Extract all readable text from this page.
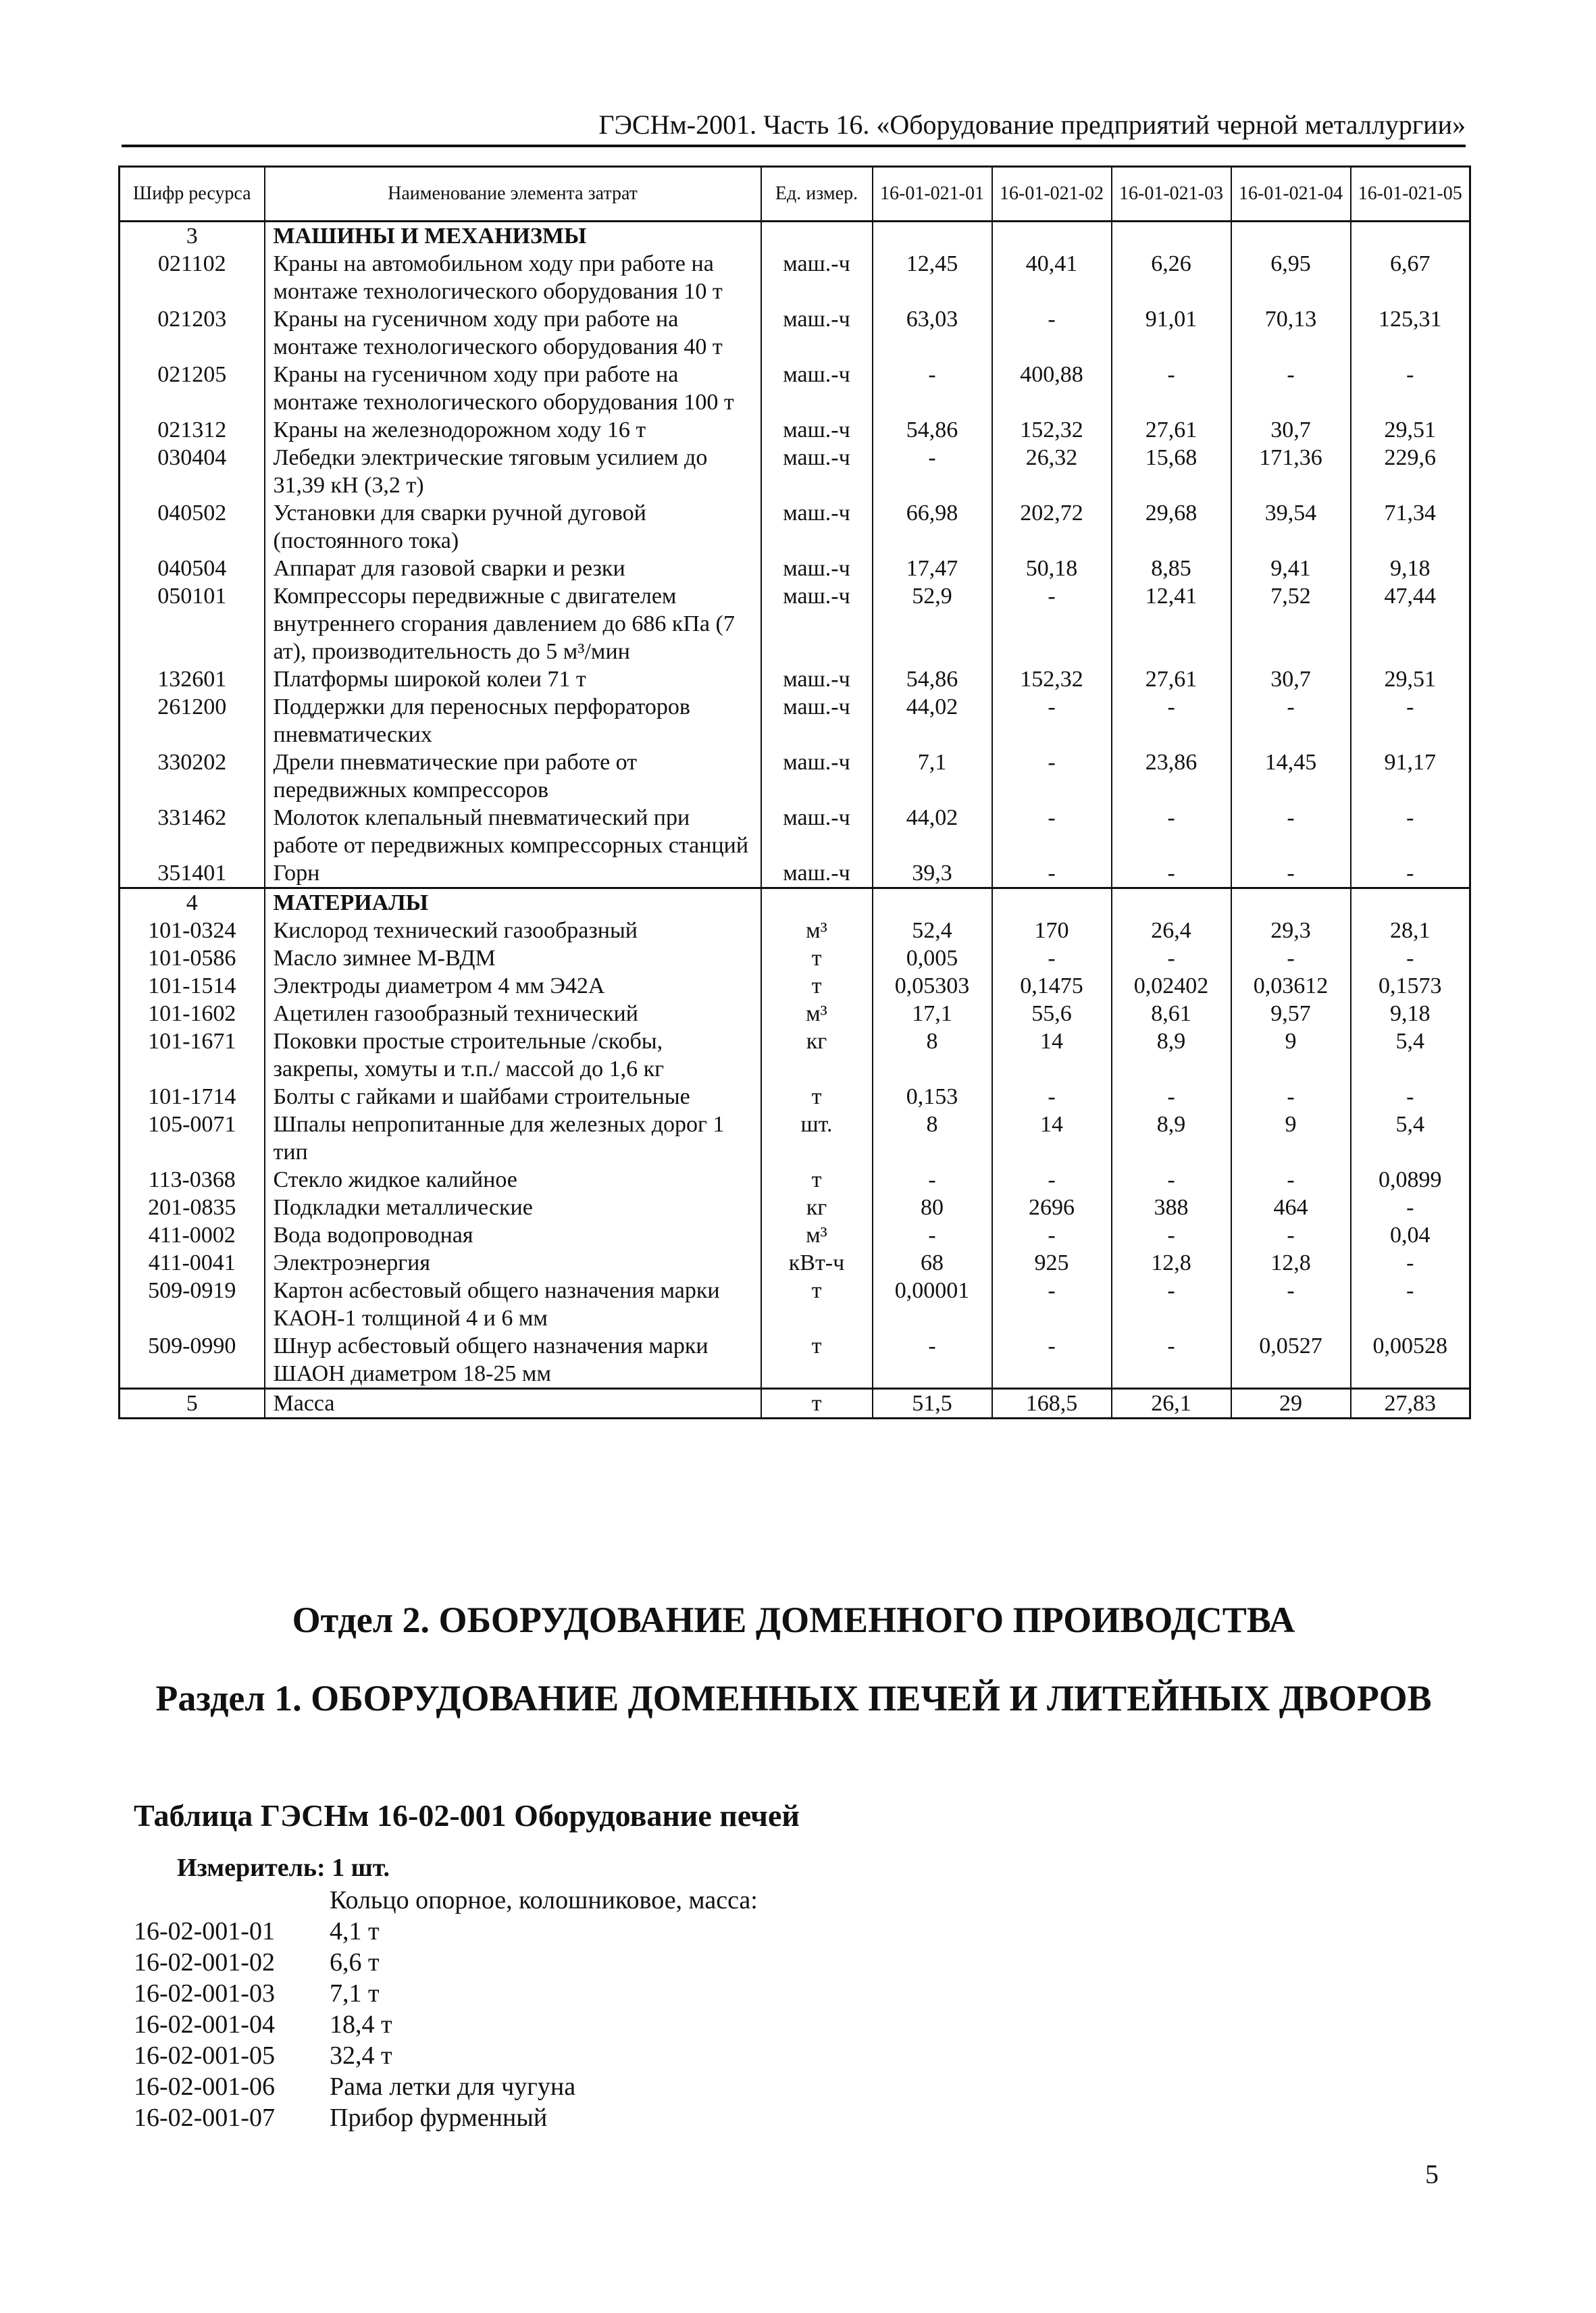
ГЭСНм-2001. Часть 16. «Оборудование предприятий черной металлургии»
Шифр ресурса	Наименование элемента затрат	Ед. измер.	16-01-021-01	16-01-021-02	16-01-021-03	16-01-021-04	16-01-021-05
3	МАШИНЫ И МЕХАНИЗМЫ						
021102	Краны на автомобильном ходу при работе на монтаже технологического оборудования 10 т	маш.-ч	12,45	40,41	6,26	6,95	6,67
021203	Краны на гусеничном ходу при работе на монтаже технологического оборудования 40 т	маш.-ч	63,03	-	91,01	70,13	125,31
021205	Краны на гусеничном ходу при работе на монтаже технологического оборудования 100 т	маш.-ч	-	400,88	-	-	-
021312	Краны на железнодорожном ходу 16 т	маш.-ч	54,86	152,32	27,61	30,7	29,51
030404	Лебедки электрические тяговым усилием до 31,39 кН (3,2 т)	маш.-ч	-	26,32	15,68	171,36	229,6
040502	Установки для сварки ручной дуговой (постоянного тока)	маш.-ч	66,98	202,72	29,68	39,54	71,34
040504	Аппарат для газовой сварки и резки	маш.-ч	17,47	50,18	8,85	9,41	9,18
050101	Компрессоры передвижные с двигателем внутреннего сгорания давлением до 686 кПа (7 ат), производительность до 5 м³/мин	маш.-ч	52,9	-	12,41	7,52	47,44
132601	Платформы широкой колеи 71 т	маш.-ч	54,86	152,32	27,61	30,7	29,51
261200	Поддержки для переносных перфораторов пневматических	маш.-ч	44,02	-	-	-	-
330202	Дрели пневматические при работе от передвижных компрессоров	маш.-ч	7,1	-	23,86	14,45	91,17
331462	Молоток клепальный пневматический при работе от передвижных компрессорных станций	маш.-ч	44,02	-	-	-	-
351401	Горн	маш.-ч	39,3	-	-	-	-
4	МАТЕРИАЛЫ						
101-0324	Кислород технический газообразный	м³	52,4	170	26,4	29,3	28,1
101-0586	Масло зимнее М-ВДМ	т	0,005	-	-	-	-
101-1514	Электроды диаметром 4 мм Э42А	т	0,05303	0,1475	0,02402	0,03612	0,1573
101-1602	Ацетилен газообразный технический	м³	17,1	55,6	8,61	9,57	9,18
101-1671	Поковки простые строительные /скобы, закрепы, хомуты и т.п./ массой до 1,6 кг	кг	8	14	8,9	9	5,4
101-1714	Болты с гайками и шайбами строительные	т	0,153	-	-	-	-
105-0071	Шпалы непропитанные для железных дорог 1 тип	шт.	8	14	8,9	9	5,4
113-0368	Стекло жидкое калийное	т	-	-	-	-	0,0899
201-0835	Подкладки металлические	кг	80	2696	388	464	-
411-0002	Вода водопроводная	м³	-	-	-	-	0,04
411-0041	Электроэнергия	кВт-ч	68	925	12,8	12,8	-
509-0919	Картон асбестовый общего назначения марки КАОН-1 толщиной 4 и 6 мм	т	0,00001	-	-	-	-
509-0990	Шнур асбестовый общего назначения марки ШАОН диаметром 18-25 мм	т	-	-	-	0,0527	0,00528
5	Масса	т	51,5	168,5	26,1	29	27,83
Отдел 2. ОБОРУДОВАНИЕ ДОМЕННОГО ПРОИВОДСТВА
Раздел 1. ОБОРУДОВАНИЕ ДОМЕННЫХ ПЕЧЕЙ И ЛИТЕЙНЫХ ДВОРОВ
Таблица ГЭСНм 16-02-001 Оборудование печей
Измеритель: 1 шт.
Кольцо опорное, колошниковое, масса:
16-02-001-01	4,1 т
16-02-001-02	6,6 т
16-02-001-03	7,1 т
16-02-001-04	18,4 т
16-02-001-05	32,4 т
16-02-001-06	Рама летки для чугуна
16-02-001-07	Прибор фурменный
5
